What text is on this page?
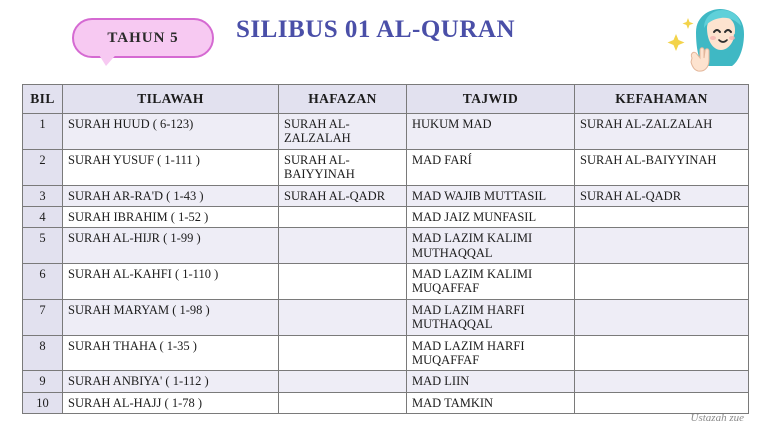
TAHUN 5 SILIBUS 01 AL-QURAN
BIL	TILAWAH	HAFAZAN	TAJWID	KEFAHAMAN
1	SURAH HUUD ( 6-123)	SURAH AL-ZALZALAH	HUKUM MAD	SURAH AL-ZALZALAH
2	SURAH YUSUF ( 1-111 )	SURAH AL-BAIYYINAH	MAD FARÍ	SURAH AL-BAIYYINAH
3	SURAH AR-RA'D ( 1-43 )	SURAH AL-QADR	MAD WAJIB MUTTASIL	SURAH AL-QADR
4	SURAH IBRAHIM ( 1-52 )		MAD JAIZ MUNFASIL	
5	SURAH AL-HIJR ( 1-99 )		MAD LAZIM KALIMI MUTHAQQAL	
6	SURAH AL-KAHFI ( 1-110 )		MAD LAZIM KALIMI MUQAFFAF	
7	SURAH MARYAM ( 1-98 )		MAD LAZIM HARFI MUTHAQQAL	
8	SURAH THAHA ( 1-35 )		MAD LAZIM HARFI MUQAFFAF	
9	SURAH ANBIYA' ( 1-112 )		MAD LIIN	
10	SURAH AL-HAJJ ( 1-78 )		MAD TAMKIN	
Ustazah zue
